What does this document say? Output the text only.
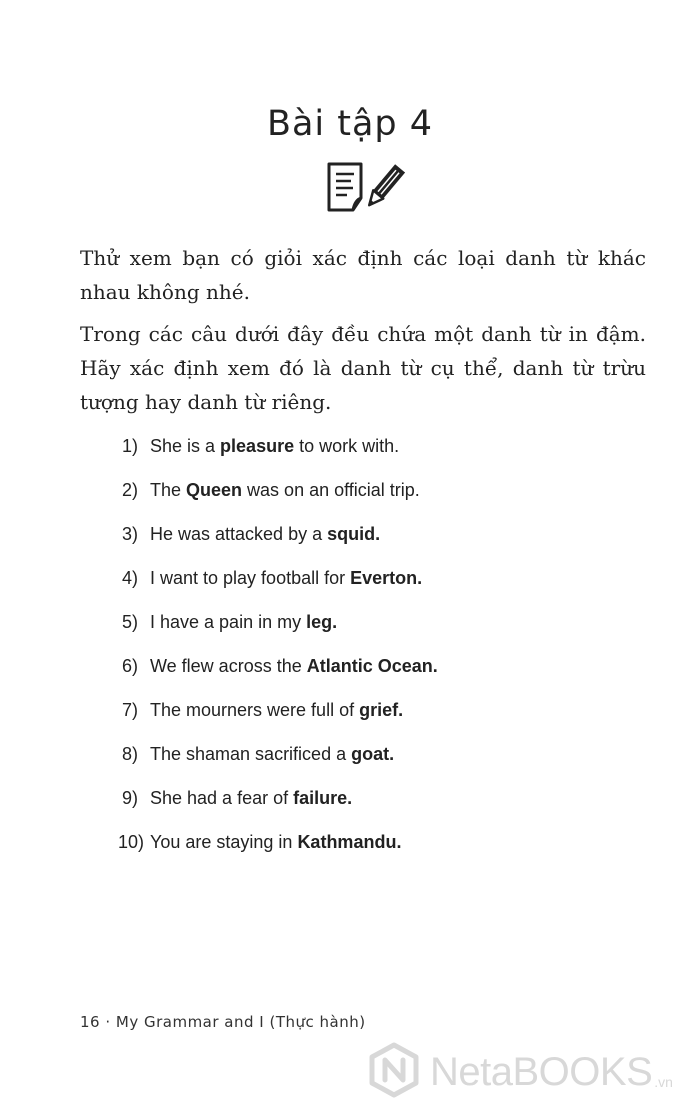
Bài tập 4

Thử xem bạn có giỏi xác định các loại danh từ khác nhau không nhé.

Trong các câu dưới đây đều chứa một danh từ in đậm. Hãy xác định xem đó là danh từ cụ thể, danh từ trừu tượng hay danh từ riêng.

1) She is a pleasure to work with.
2) The Queen was on an official trip.
3) He was attacked by a squid.
4) I want to play football for Everton.
5) I have a pain in my leg.
6) We flew across the Atlantic Ocean.
7) The mourners were full of grief.
8) The shaman sacrificed a goat.
9) She had a fear of failure.
10) You are staying in Kathmandu.
16 · My Grammar and I (Thực hành)
NetaBOOKS .vn
